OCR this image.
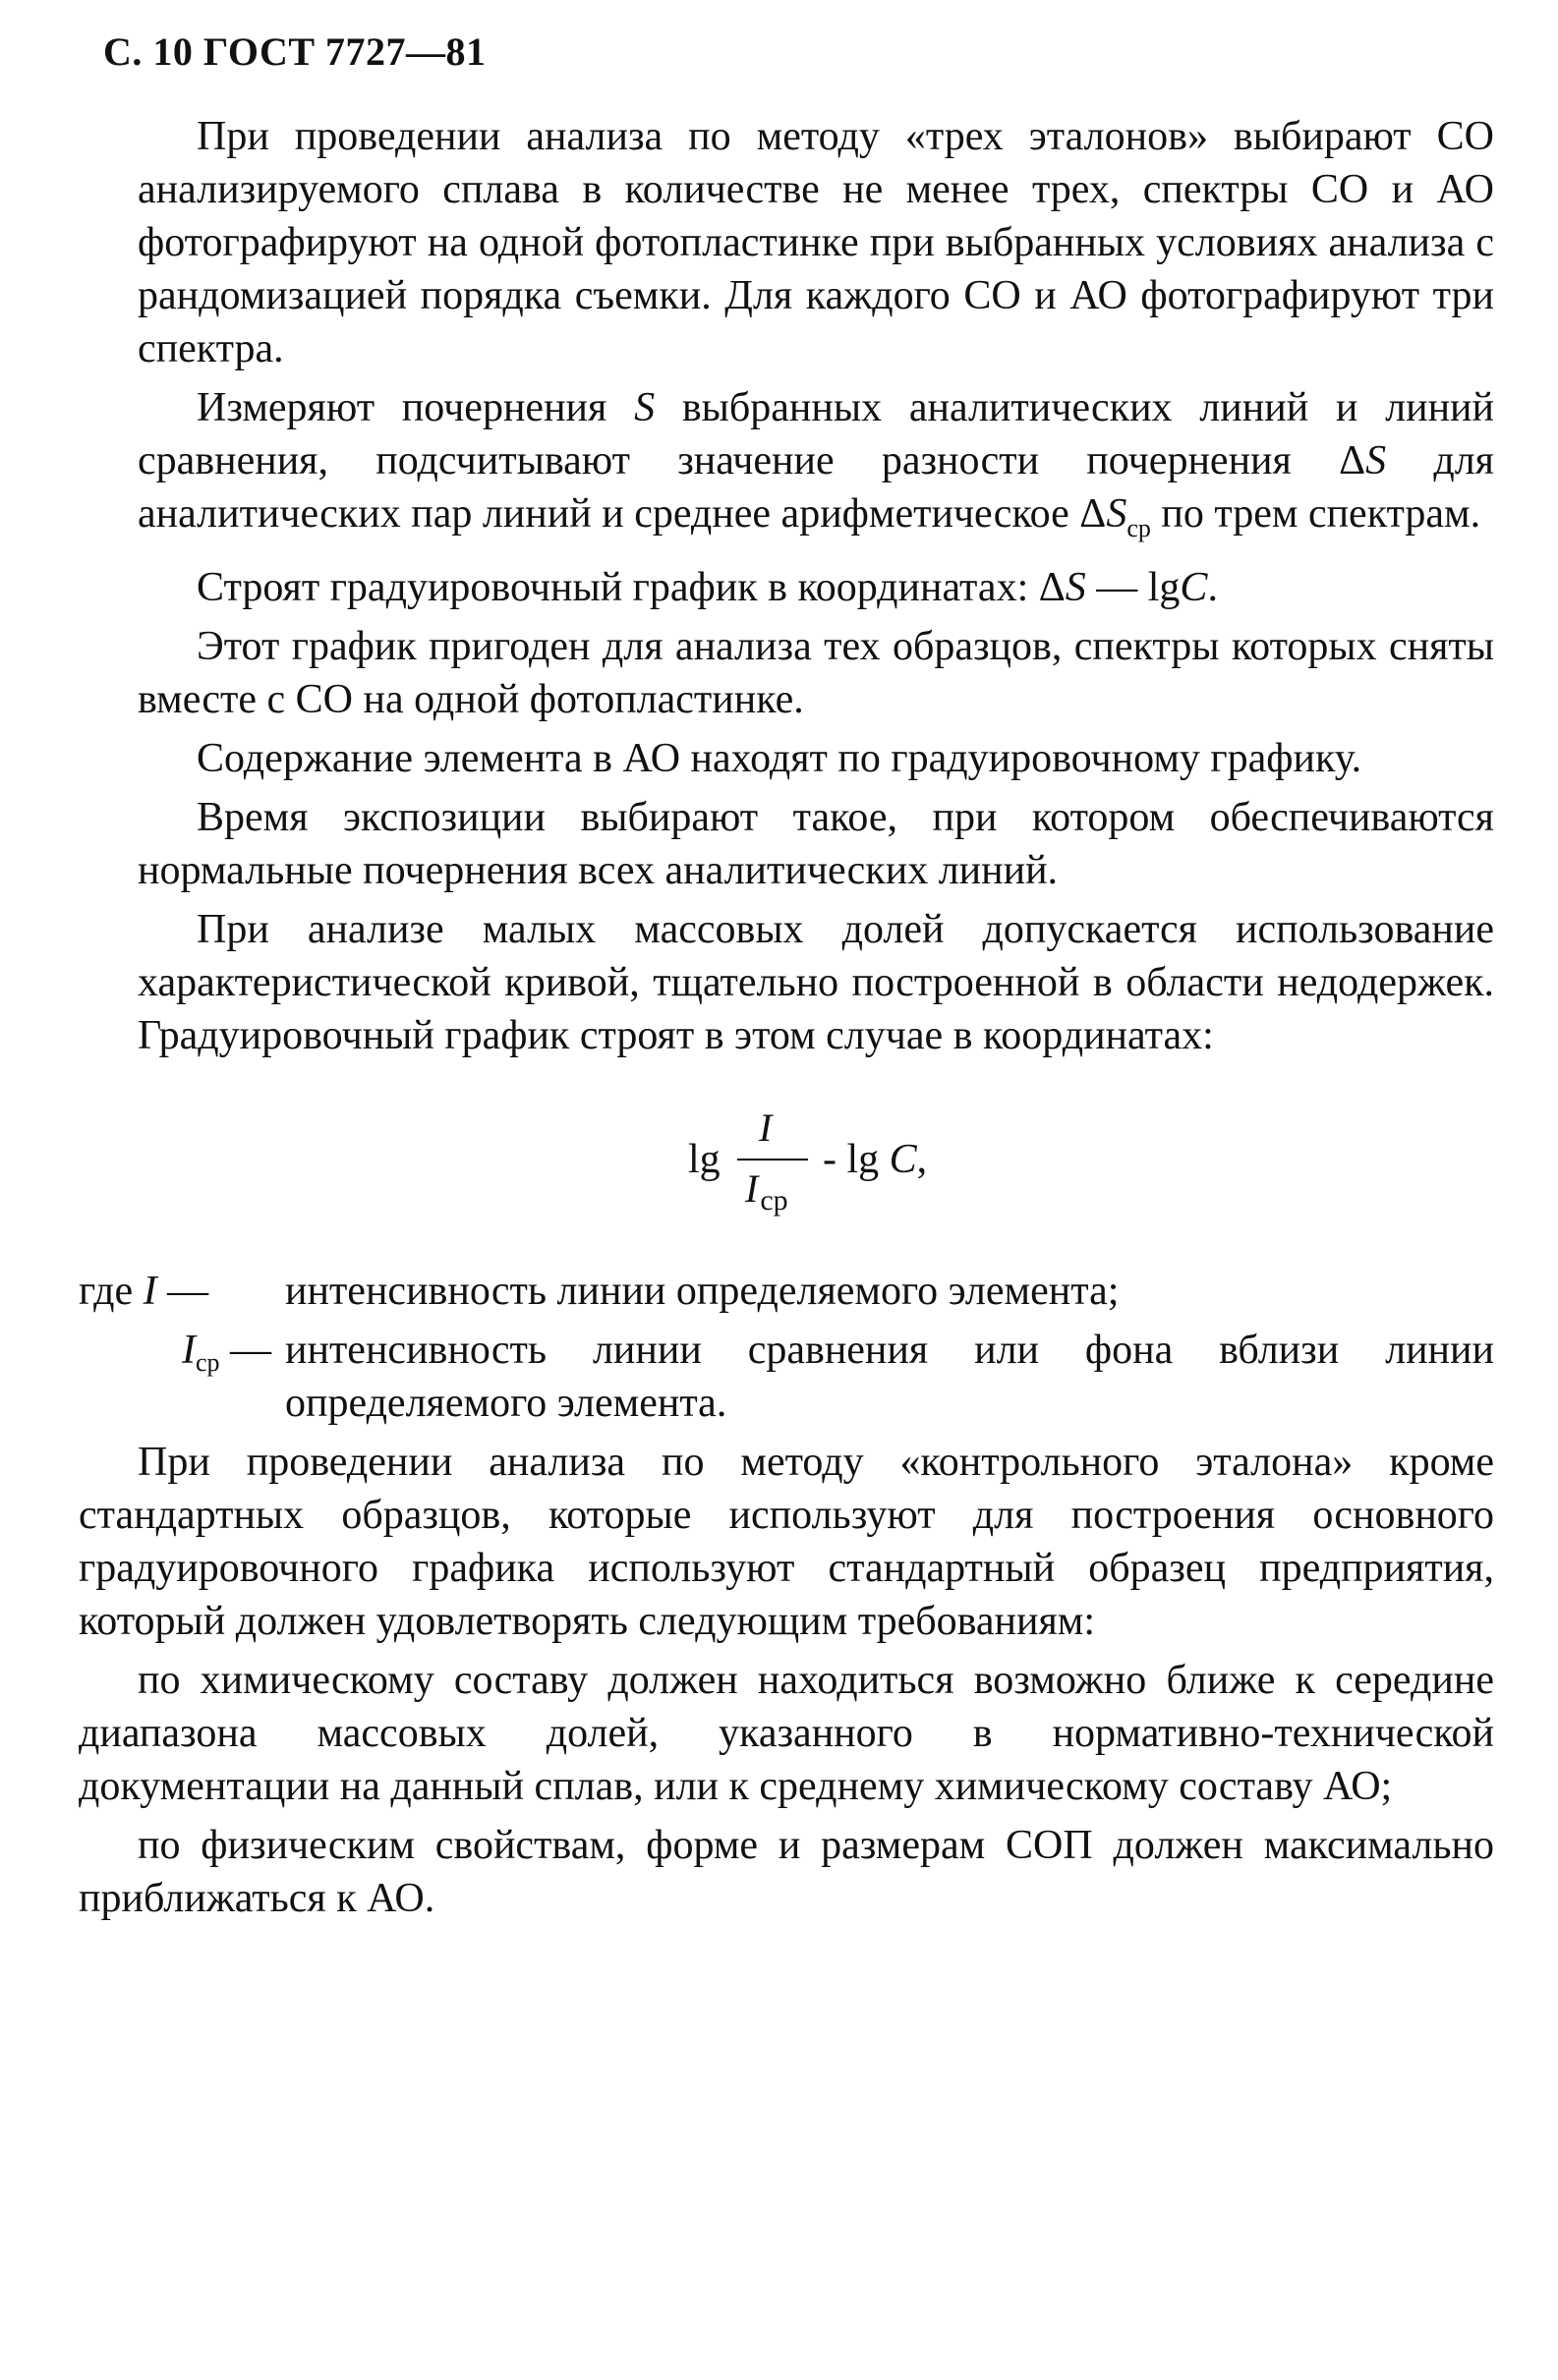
С. 10 ГОСТ 7727—81

При проведении анализа по методу «трех эталонов» выбирают СО анализируемого сплава в количестве не менее трех, спектры СО и АО фотографируют на одной фотопластинке при выбранных условиях анализа с рандомизацией порядка съемки. Для каждого СО и АО фотографируют три спектра.

Измеряют почернения S выбранных аналитических линий и линий сравнения, подсчитывают значение разности почернения ΔS для аналитических пар линий и среднее арифметическое $\Delta S_{ср}$ по трем спектрам.

Строят градуировочный график в координатах: ΔS — lgC.

Этот график пригоден для анализа тех образцов, спектры которых сняты вместе с СО на одной фотопластинке.

Содержание элемента в АО находят по градуировочному графику.

Время экспозиции выбирают такое, при котором обеспечиваются нормальные почернения всех аналитических линий.

При анализе малых массовых долей допускается использование характеристической кривой, тщательно построенной в области недодержек. Градуировочный график строят в этом случае в координатах:

lg
I
$I_{ср}$
- lg C,
где I —	интенсивность линии определяемого элемента;
$I_{ср}$ — интенсивность линии сравнения или фона вблизи линии определяемого элемента.

При проведении анализа по методу «контрольного эталона» кроме стандартных образцов, которые используют для построения основного градуировочного графика используют стандартный образец предприятия, который должен удовлетворять следующим требованиям:

по химическому составу должен находиться возможно ближе к середине диапазона массовых долей, указанного в нормативно-технической документации на данный сплав, или к среднему химическому составу АО;

по физическим свойствам, форме и размерам СОП должен максимально приближаться к АО.
